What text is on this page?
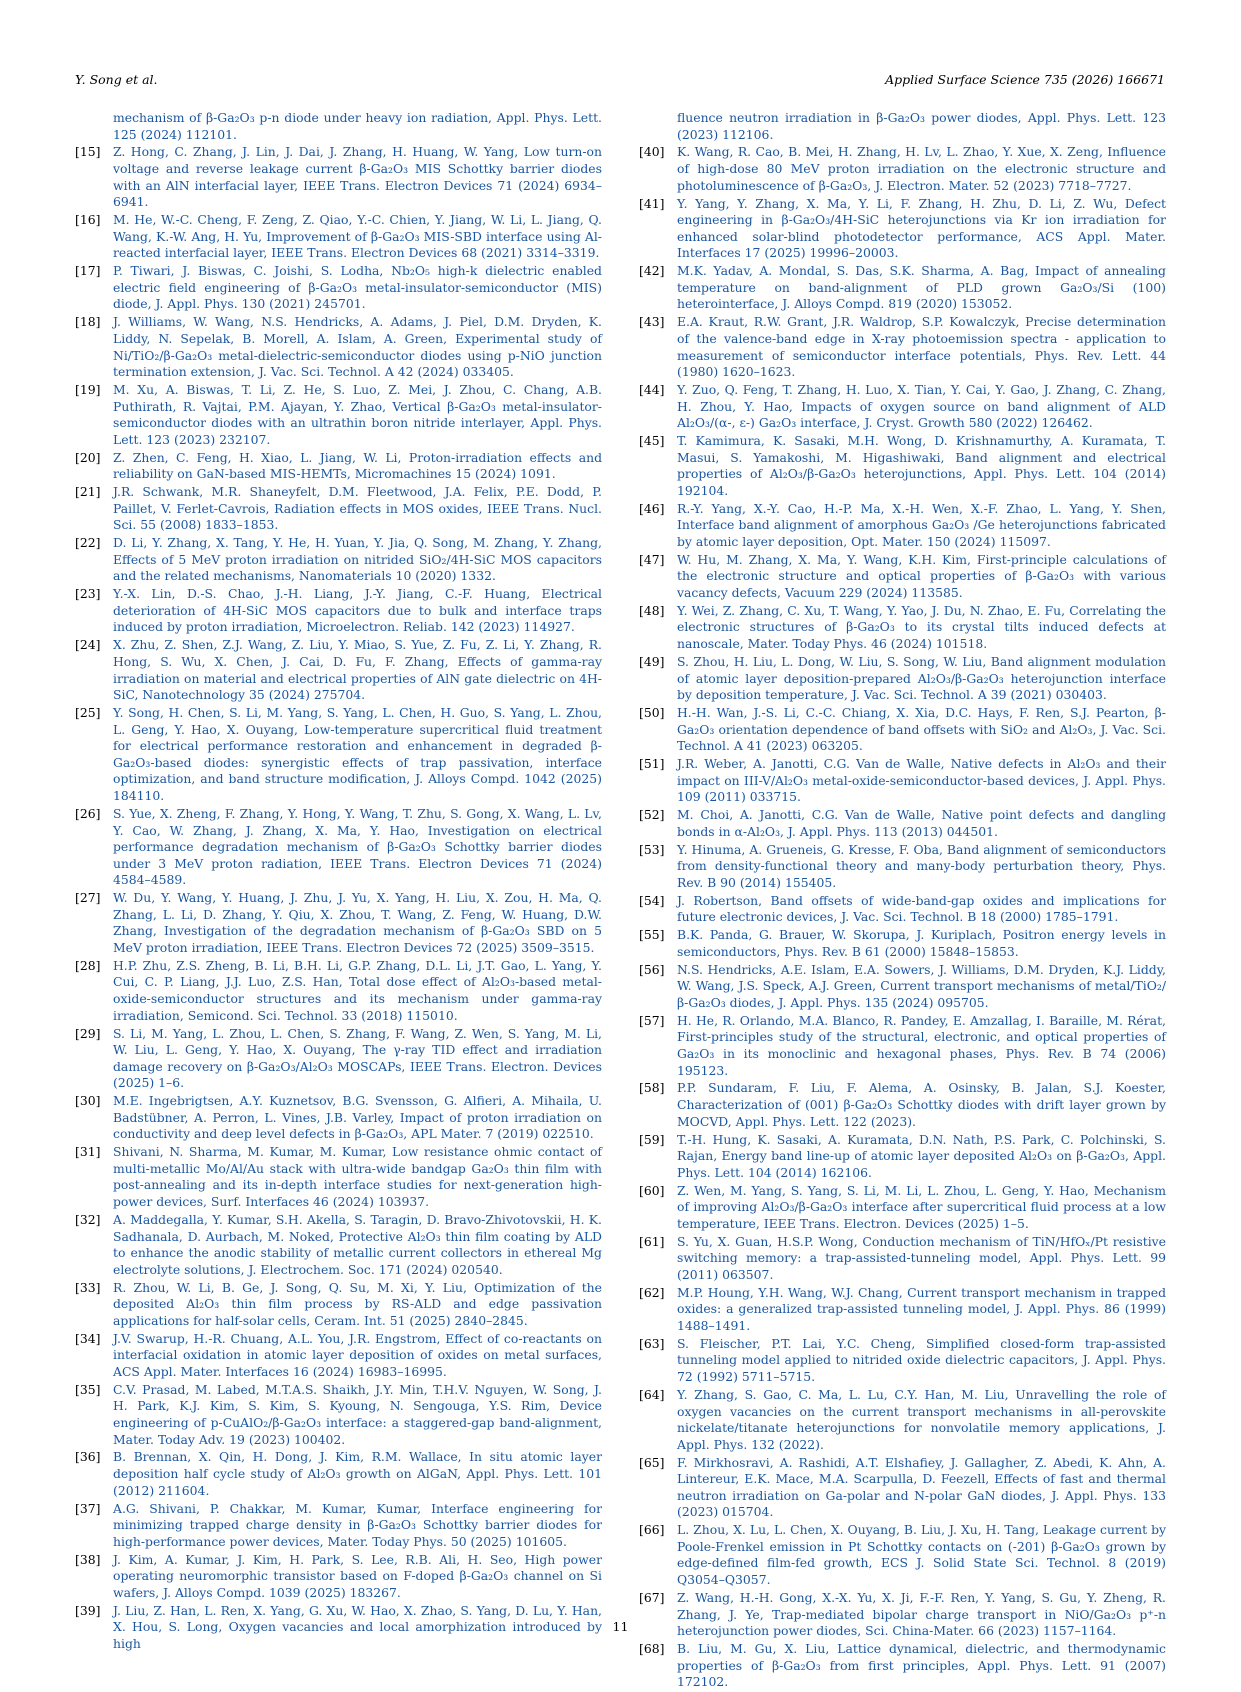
Y. Song et al.	Applied Surface Science 735 (2026) 166671
mechanism of β-Ga₂O₃ p-n diode under heavy ion radiation, Appl. Phys. Lett. 125 (2024) 112101.
[15] Z. Hong, C. Zhang, J. Lin, J. Dai, J. Zhang, H. Huang, W. Yang, Low turn-on voltage and reverse leakage current β-Ga₂O₃ MIS Schottky barrier diodes with an AlN interfacial layer, IEEE Trans. Electron Devices 71 (2024) 6934–6941.
[16] M. He, W.-C. Cheng, F. Zeng, Z. Qiao, Y.-C. Chien, Y. Jiang, W. Li, L. Jiang, Q. Wang, K.-W. Ang, H. Yu, Improvement of β-Ga₂O₃ MIS-SBD interface using Al-reacted interfacial layer, IEEE Trans. Electron Devices 68 (2021) 3314–3319.
[17] P. Tiwari, J. Biswas, C. Joishi, S. Lodha, Nb₂O₅ high-k dielectric enabled electric field engineering of β-Ga₂O₃ metal-insulator-semiconductor (MIS) diode, J. Appl. Phys. 130 (2021) 245701.
[18] J. Williams, W. Wang, N.S. Hendricks, A. Adams, J. Piel, D.M. Dryden, K. Liddy, N. Sepelak, B. Morell, A. Islam, A. Green, Experimental study of Ni/TiO₂/β-Ga₂O₃ metal-dielectric-semiconductor diodes using p-NiO junction termination extension, J. Vac. Sci. Technol. A 42 (2024) 033405.
[19] M. Xu, A. Biswas, T. Li, Z. He, S. Luo, Z. Mei, J. Zhou, C. Chang, A.B. Puthirath, R. Vajtai, P.M. Ajayan, Y. Zhao, Vertical β-Ga₂O₃ metal-insulator-semiconductor diodes with an ultrathin boron nitride interlayer, Appl. Phys. Lett. 123 (2023) 232107.
[20] Z. Zhen, C. Feng, H. Xiao, L. Jiang, W. Li, Proton-irradiation effects and reliability on GaN-based MIS-HEMTs, Micromachines 15 (2024) 1091.
[21] J.R. Schwank, M.R. Shaneyfelt, D.M. Fleetwood, J.A. Felix, P.E. Dodd, P. Paillet, V. Ferlet-Cavrois, Radiation effects in MOS oxides, IEEE Trans. Nucl. Sci. 55 (2008) 1833–1853.
[22] D. Li, Y. Zhang, X. Tang, Y. He, H. Yuan, Y. Jia, Q. Song, M. Zhang, Y. Zhang, Effects of 5 MeV proton irradiation on nitrided SiO₂/4H-SiC MOS capacitors and the related mechanisms, Nanomaterials 10 (2020) 1332.
[23] Y.-X. Lin, D.-S. Chao, J.-H. Liang, J.-Y. Jiang, C.-F. Huang, Electrical deterioration of 4H-SiC MOS capacitors due to bulk and interface traps induced by proton irradiation, Microelectron. Reliab. 142 (2023) 114927.
[24] X. Zhu, Z. Shen, Z.J. Wang, Z. Liu, Y. Miao, S. Yue, Z. Fu, Z. Li, Y. Zhang, R. Hong, S. Wu, X. Chen, J. Cai, D. Fu, F. Zhang, Effects of gamma-ray irradiation on material and electrical properties of AlN gate dielectric on 4H-SiC, Nanotechnology 35 (2024) 275704.
[25] Y. Song, H. Chen, S. Li, M. Yang, S. Yang, L. Chen, H. Guo, S. Yang, L. Zhou, L. Geng, Y. Hao, X. Ouyang, Low-temperature supercritical fluid treatment for electrical performance restoration and enhancement in degraded β-Ga₂O₃-based diodes: synergistic effects of trap passivation, interface optimization, and band structure modification, J. Alloys Compd. 1042 (2025) 184110.
[26] S. Yue, X. Zheng, F. Zhang, Y. Hong, Y. Wang, T. Zhu, S. Gong, X. Wang, L. Lv, Y. Cao, W. Zhang, J. Zhang, X. Ma, Y. Hao, Investigation on electrical performance degradation mechanism of β-Ga₂O₃ Schottky barrier diodes under 3 MeV proton radiation, IEEE Trans. Electron Devices 71 (2024) 4584–4589.
[27] W. Du, Y. Wang, Y. Huang, J. Zhu, J. Yu, X. Yang, H. Liu, X. Zou, H. Ma, Q. Zhang, L. Li, D. Zhang, Y. Qiu, X. Zhou, T. Wang, Z. Feng, W. Huang, D.W. Zhang, Investigation of the degradation mechanism of β-Ga₂O₃ SBD on 5 MeV proton irradiation, IEEE Trans. Electron Devices 72 (2025) 3509–3515.
[28] H.P. Zhu, Z.S. Zheng, B. Li, B.H. Li, G.P. Zhang, D.L. Li, J.T. Gao, L. Yang, Y. Cui, C. P. Liang, J.J. Luo, Z.S. Han, Total dose effect of Al₂O₃-based metal-oxide-semiconductor structures and its mechanism under gamma-ray irradiation, Semicond. Sci. Technol. 33 (2018) 115010.
[29] S. Li, M. Yang, L. Zhou, L. Chen, S. Zhang, F. Wang, Z. Wen, S. Yang, M. Li, W. Liu, L. Geng, Y. Hao, X. Ouyang, The γ-ray TID effect and irradiation damage recovery on β-Ga₂O₃/Al₂O₃ MOSCAPs, IEEE Trans. Electron. Devices (2025) 1–6.
[30] M.E. Ingebrigtsen, A.Y. Kuznetsov, B.G. Svensson, G. Alfieri, A. Mihaila, U. Badstübner, A. Perron, L. Vines, J.B. Varley, Impact of proton irradiation on conductivity and deep level defects in β-Ga₂O₃, APL Mater. 7 (2019) 022510.
[31] Shivani, N. Sharma, M. Kumar, M. Kumar, Low resistance ohmic contact of multi-metallic Mo/Al/Au stack with ultra-wide bandgap Ga₂O₃ thin film with post-annealing and its in-depth interface studies for next-generation high-power devices, Surf. Interfaces 46 (2024) 103937.
[32] A. Maddegalla, Y. Kumar, S.H. Akella, S. Taragin, D. Bravo-Zhivotovskii, H. K. Sadhanala, D. Aurbach, M. Noked, Protective Al₂O₃ thin film coating by ALD to enhance the anodic stability of metallic current collectors in ethereal Mg electrolyte solutions, J. Electrochem. Soc. 171 (2024) 020540.
[33] R. Zhou, W. Li, B. Ge, J. Song, Q. Su, M. Xi, Y. Liu, Optimization of the deposited Al₂O₃ thin film process by RS-ALD and edge passivation applications for half-solar cells, Ceram. Int. 51 (2025) 2840–2845.
[34] J.V. Swarup, H.-R. Chuang, A.L. You, J.R. Engstrom, Effect of co-reactants on interfacial oxidation in atomic layer deposition of oxides on metal surfaces, ACS Appl. Mater. Interfaces 16 (2024) 16983–16995.
[35] C.V. Prasad, M. Labed, M.T.A.S. Shaikh, J.Y. Min, T.H.V. Nguyen, W. Song, J. H. Park, K.J. Kim, S. Kim, S. Kyoung, N. Sengouga, Y.S. Rim, Device engineering of p-CuAlO₂/β-Ga₂O₃ interface: a staggered-gap band-alignment, Mater. Today Adv. 19 (2023) 100402.
[36] B. Brennan, X. Qin, H. Dong, J. Kim, R.M. Wallace, In situ atomic layer deposition half cycle study of Al₂O₃ growth on AlGaN, Appl. Phys. Lett. 101 (2012) 211604.
[37] A.G. Shivani, P. Chakkar, M. Kumar, Kumar, Interface engineering for minimizing trapped charge density in β-Ga₂O₃ Schottky barrier diodes for high-performance power devices, Mater. Today Phys. 50 (2025) 101605.
[38] J. Kim, A. Kumar, J. Kim, H. Park, S. Lee, R.B. Ali, H. Seo, High power operating neuromorphic transistor based on F-doped β-Ga₂O₃ channel on Si wafers, J. Alloys Compd. 1039 (2025) 183267.
[39] J. Liu, Z. Han, L. Ren, X. Yang, G. Xu, W. Hao, X. Zhao, S. Yang, D. Lu, Y. Han, X. Hou, S. Long, Oxygen vacancies and local amorphization introduced by high
fluence neutron irradiation in β-Ga₂O₃ power diodes, Appl. Phys. Lett. 123 (2023) 112106.
[40] K. Wang, R. Cao, B. Mei, H. Zhang, H. Lv, L. Zhao, Y. Xue, X. Zeng, Influence of high-dose 80 MeV proton irradiation on the electronic structure and photoluminescence of β-Ga₂O₃, J. Electron. Mater. 52 (2023) 7718–7727.
[41] Y. Yang, Y. Zhang, X. Ma, Y. Li, F. Zhang, H. Zhu, D. Li, Z. Wu, Defect engineering in β-Ga₂O₃/4H-SiC heterojunctions via Kr ion irradiation for enhanced solar-blind photodetector performance, ACS Appl. Mater. Interfaces 17 (2025) 19996–20003.
[42] M.K. Yadav, A. Mondal, S. Das, S.K. Sharma, A. Bag, Impact of annealing temperature on band-alignment of PLD grown Ga₂O₃/Si (100) heterointerface, J. Alloys Compd. 819 (2020) 153052.
[43] E.A. Kraut, R.W. Grant, J.R. Waldrop, S.P. Kowalczyk, Precise determination of the valence-band edge in X-ray photoemission spectra - application to measurement of semiconductor interface potentials, Phys. Rev. Lett. 44 (1980) 1620–1623.
[44] Y. Zuo, Q. Feng, T. Zhang, H. Luo, X. Tian, Y. Cai, Y. Gao, J. Zhang, C. Zhang, H. Zhou, Y. Hao, Impacts of oxygen source on band alignment of ALD Al₂O₃/(α-, ε-) Ga₂O₃ interface, J. Cryst. Growth 580 (2022) 126462.
[45] T. Kamimura, K. Sasaki, M.H. Wong, D. Krishnamurthy, A. Kuramata, T. Masui, S. Yamakoshi, M. Higashiwaki, Band alignment and electrical properties of Al₂O₃/β-Ga₂O₃ heterojunctions, Appl. Phys. Lett. 104 (2014) 192104.
[46] R.-Y. Yang, X.-Y. Cao, H.-P. Ma, X.-H. Wen, X.-F. Zhao, L. Yang, Y. Shen, Interface band alignment of amorphous Ga₂O₃ /Ge heterojunctions fabricated by atomic layer deposition, Opt. Mater. 150 (2024) 115097.
[47] W. Hu, M. Zhang, X. Ma, Y. Wang, K.H. Kim, First-principle calculations of the electronic structure and optical properties of β-Ga₂O₃ with various vacancy defects, Vacuum 229 (2024) 113585.
[48] Y. Wei, Z. Zhang, C. Xu, T. Wang, Y. Yao, J. Du, N. Zhao, E. Fu, Correlating the electronic structures of β-Ga₂O₃ to its crystal tilts induced defects at nanoscale, Mater. Today Phys. 46 (2024) 101518.
[49] S. Zhou, H. Liu, L. Dong, W. Liu, S. Song, W. Liu, Band alignment modulation of atomic layer deposition-prepared Al₂O₃/β-Ga₂O₃ heterojunction interface by deposition temperature, J. Vac. Sci. Technol. A 39 (2021) 030403.
[50] H.-H. Wan, J.-S. Li, C.-C. Chiang, X. Xia, D.C. Hays, F. Ren, S.J. Pearton, β-Ga₂O₃ orientation dependence of band offsets with SiO₂ and Al₂O₃, J. Vac. Sci. Technol. A 41 (2023) 063205.
[51] J.R. Weber, A. Janotti, C.G. Van de Walle, Native defects in Al₂O₃ and their impact on III-V/Al₂O₃ metal-oxide-semiconductor-based devices, J. Appl. Phys. 109 (2011) 033715.
[52] M. Choi, A. Janotti, C.G. Van de Walle, Native point defects and dangling bonds in α-Al₂O₃, J. Appl. Phys. 113 (2013) 044501.
[53] Y. Hinuma, A. Grueneis, G. Kresse, F. Oba, Band alignment of semiconductors from density-functional theory and many-body perturbation theory, Phys. Rev. B 90 (2014) 155405.
[54] J. Robertson, Band offsets of wide-band-gap oxides and implications for future electronic devices, J. Vac. Sci. Technol. B 18 (2000) 1785–1791.
[55] B.K. Panda, G. Brauer, W. Skorupa, J. Kuriplach, Positron energy levels in semiconductors, Phys. Rev. B 61 (2000) 15848–15853.
[56] N.S. Hendricks, A.E. Islam, E.A. Sowers, J. Williams, D.M. Dryden, K.J. Liddy, W. Wang, J.S. Speck, A.J. Green, Current transport mechanisms of metal/TiO₂/β-Ga₂O₃ diodes, J. Appl. Phys. 135 (2024) 095705.
[57] H. He, R. Orlando, M.A. Blanco, R. Pandey, E. Amzallag, I. Baraille, M. Rérat, First-principles study of the structural, electronic, and optical properties of Ga₂O₃ in its monoclinic and hexagonal phases, Phys. Rev. B 74 (2006) 195123.
[58] P.P. Sundaram, F. Liu, F. Alema, A. Osinsky, B. Jalan, S.J. Koester, Characterization of (001) β-Ga₂O₃ Schottky diodes with drift layer grown by MOCVD, Appl. Phys. Lett. 122 (2023).
[59] T.-H. Hung, K. Sasaki, A. Kuramata, D.N. Nath, P.S. Park, C. Polchinski, S. Rajan, Energy band line-up of atomic layer deposited Al₂O₃ on β-Ga₂O₃, Appl. Phys. Lett. 104 (2014) 162106.
[60] Z. Wen, M. Yang, S. Yang, S. Li, M. Li, L. Zhou, L. Geng, Y. Hao, Mechanism of improving Al₂O₃/β-Ga₂O₃ interface after supercritical fluid process at a low temperature, IEEE Trans. Electron. Devices (2025) 1–5.
[61] S. Yu, X. Guan, H.S.P. Wong, Conduction mechanism of TiN/HfOₓ/Pt resistive switching memory: a trap-assisted-tunneling model, Appl. Phys. Lett. 99 (2011) 063507.
[62] M.P. Houng, Y.H. Wang, W.J. Chang, Current transport mechanism in trapped oxides: a generalized trap-assisted tunneling model, J. Appl. Phys. 86 (1999) 1488–1491.
[63] S. Fleischer, P.T. Lai, Y.C. Cheng, Simplified closed-form trap-assisted tunneling model applied to nitrided oxide dielectric capacitors, J. Appl. Phys. 72 (1992) 5711–5715.
[64] Y. Zhang, S. Gao, C. Ma, L. Lu, C.Y. Han, M. Liu, Unravelling the role of oxygen vacancies on the current transport mechanisms in all-perovskite nickelate/titanate heterojunctions for nonvolatile memory applications, J. Appl. Phys. 132 (2022).
[65] F. Mirkhosravi, A. Rashidi, A.T. Elshafiey, J. Gallagher, Z. Abedi, K. Ahn, A. Lintereur, E.K. Mace, M.A. Scarpulla, D. Feezell, Effects of fast and thermal neutron irradiation on Ga-polar and N-polar GaN diodes, J. Appl. Phys. 133 (2023) 015704.
[66] L. Zhou, X. Lu, L. Chen, X. Ouyang, B. Liu, J. Xu, H. Tang, Leakage current by Poole-Frenkel emission in Pt Schottky contacts on (-201) β-Ga₂O₃ grown by edge-defined film-fed growth, ECS J. Solid State Sci. Technol. 8 (2019) Q3054–Q3057.
[67] Z. Wang, H.-H. Gong, X.-X. Yu, X. Ji, F.-F. Ren, Y. Yang, S. Gu, Y. Zheng, R. Zhang, J. Ye, Trap-mediated bipolar charge transport in NiO/Ga₂O₃ p⁺-n heterojunction power diodes, Sci. China-Mater. 66 (2023) 1157–1164.
[68] B. Liu, M. Gu, X. Liu, Lattice dynamical, dielectric, and thermodynamic properties of β-Ga₂O₃ from first principles, Appl. Phys. Lett. 91 (2007) 172102.
11
